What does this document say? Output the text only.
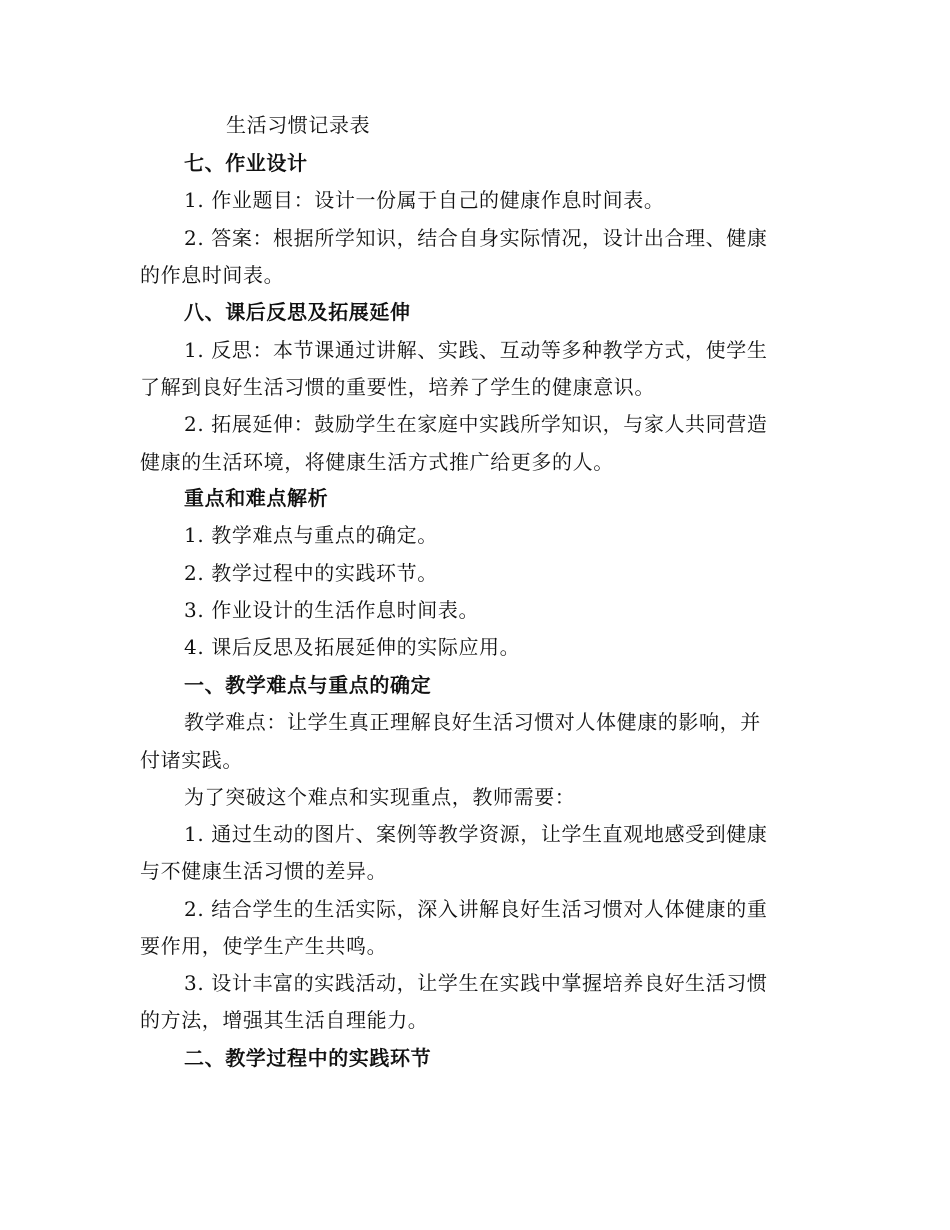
生活习惯记录表
七、作业设计
1. 作业题目：设计一份属于自己的健康作息时间表。
2. 答案：根据所学知识，结合自身实际情况，设计出合理、健康
的作息时间表。
八、课后反思及拓展延伸
1. 反思：本节课通过讲解、实践、互动等多种教学方式，使学生
了解到良好生活习惯的重要性，培养了学生的健康意识。
2. 拓展延伸：鼓励学生在家庭中实践所学知识，与家人共同营造
健康的生活环境，将健康生活方式推广给更多的人。
重点和难点解析
1. 教学难点与重点的确定。
2. 教学过程中的实践环节。
3. 作业设计的生活作息时间表。
4. 课后反思及拓展延伸的实际应用。
一、教学难点与重点的确定
教学难点：让学生真正理解良好生活习惯对人体健康的影响，并
付诸实践。
为了突破这个难点和实现重点，教师需要：
1. 通过生动的图片、案例等教学资源，让学生直观地感受到健康
与不健康生活习惯的差异。
2. 结合学生的生活实际，深入讲解良好生活习惯对人体健康的重
要作用，使学生产生共鸣。
3. 设计丰富的实践活动，让学生在实践中掌握培养良好生活习惯
的方法，增强其生活自理能力。
二、教学过程中的实践环节
